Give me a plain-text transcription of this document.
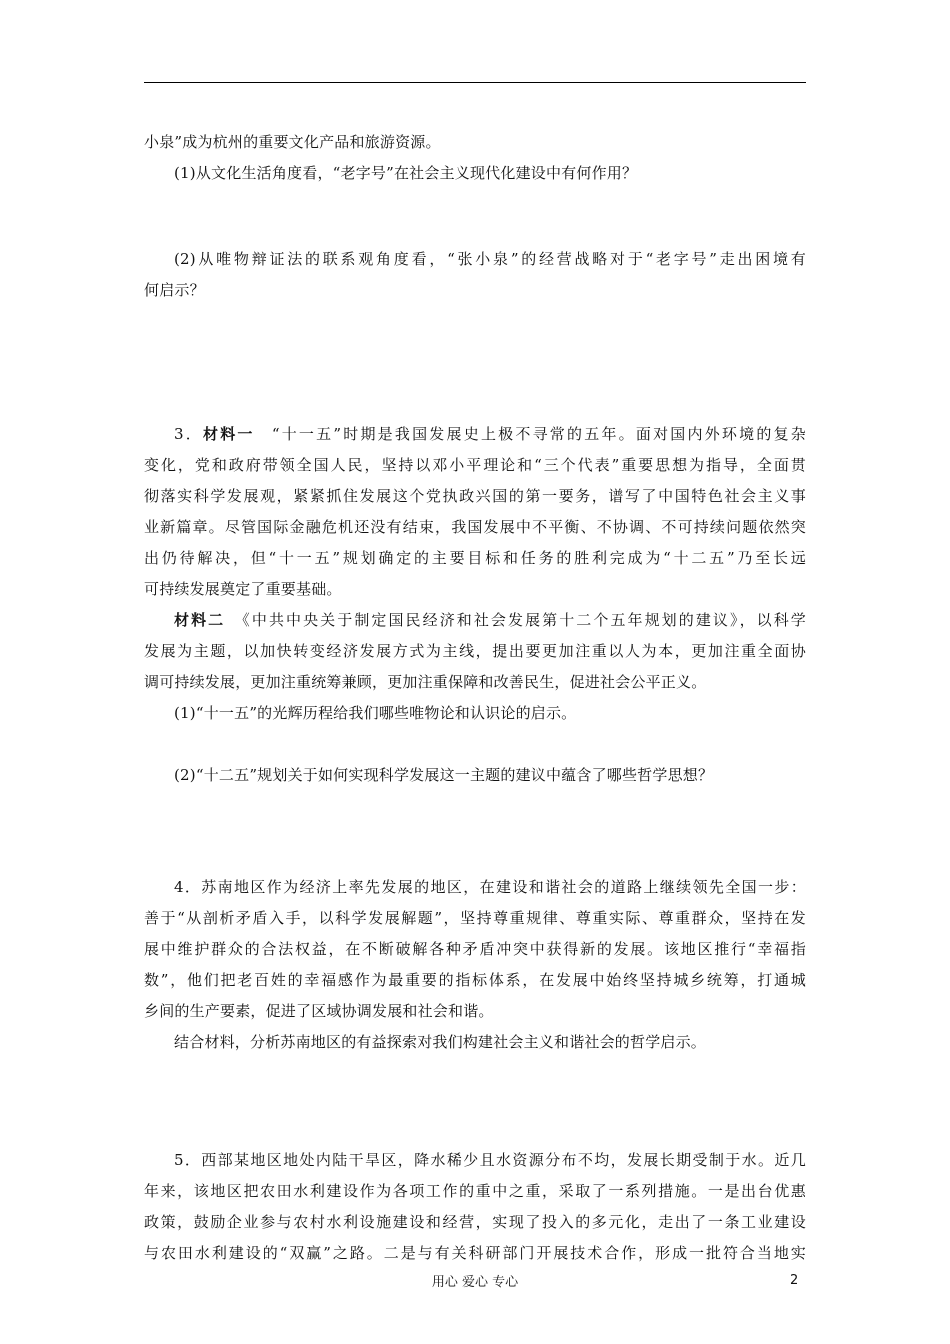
小泉”成为杭州的重要文化产品和旅游资源。
(1)从文化生活角度看，“老字号”在社会主义现代化建设中有何作用？
(2)从唯物辩证法的联系观角度看，“张小泉”的经营战略对于“老字号”走出困境有
何启示？
3．材料一　“十一五”时期是我国发展史上极不寻常的五年。面对国内外环境的复杂
变化，党和政府带领全国人民，坚持以邓小平理论和“三个代表”重要思想为指导，全面贯
彻落实科学发展观，紧紧抓住发展这个党执政兴国的第一要务，谱写了中国特色社会主义事
业新篇章。尽管国际金融危机还没有结束，我国发展中不平衡、不协调、不可持续问题依然突
出仍待解决，但“十一五”规划确定的主要目标和任务的胜利完成为“十二五”乃至长远
可持续发展奠定了重要基础。
材料二　《中共中央关于制定国民经济和社会发展第十二个五年规划的建议》，以科学
发展为主题，以加快转变经济发展方式为主线，提出要更加注重以人为本，更加注重全面协
调可持续发展，更加注重统筹兼顾，更加注重保障和改善民生，促进社会公平正义。
(1)“十一五”的光辉历程给我们哪些唯物论和认识论的启示。
(2)“十二五”规划关于如何实现科学发展这一主题的建议中蕴含了哪些哲学思想？
4．苏南地区作为经济上率先发展的地区，在建设和谐社会的道路上继续领先全国一步：
善于“从剖析矛盾入手，以科学发展解题”，坚持尊重规律、尊重实际、尊重群众，坚持在发
展中维护群众的合法权益，在不断破解各种矛盾冲突中获得新的发展。该地区推行“幸福指
数”，他们把老百姓的幸福感作为最重要的指标体系，在发展中始终坚持城乡统筹，打通城
乡间的生产要素，促进了区域协调发展和社会和谐。
结合材料，分析苏南地区的有益探索对我们构建社会主义和谐社会的哲学启示。
5．西部某地区地处内陆干旱区，降水稀少且水资源分布不均，发展长期受制于水。近几
年来，该地区把农田水利建设作为各项工作的重中之重，采取了一系列措施。一是出台优惠
政策，鼓励企业参与农村水利设施建设和经营，实现了投入的多元化，走出了一条工业建设
与农田水利建设的“双赢”之路。二是与有关科研部门开展技术合作，形成一批符合当地实
用心 爱心 专心	2
